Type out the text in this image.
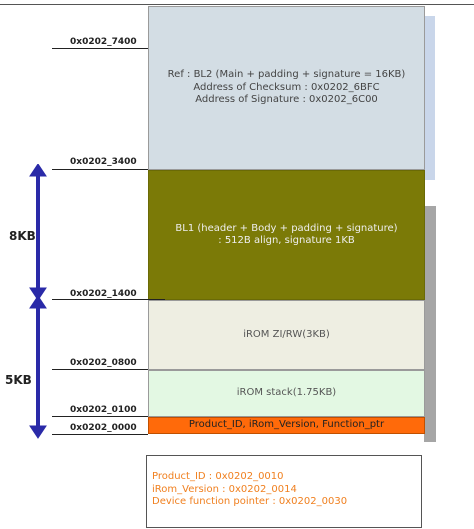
Ref : BL2 (Main + padding + signature = 16KB)
Address of Checksum : 0x0202_6BFC
Address of Signature : 0x0202_6C00
BL1 (header + Body + padding + signature)
: 512B align, signature 1KB
iROM ZI/RW(3KB)
iROM stack(1.75KB)
Product_ID, iRom_Version, Function_ptr
0x0202_7400
0x0202_3400
0x0202_1400
0x0202_0800
0x0202_0100
0x0202_0000
8KB
5KB
Product_ID : 0x0202_0010
iRom_Version : 0x0202_0014
Device function pointer : 0x0202_0030
